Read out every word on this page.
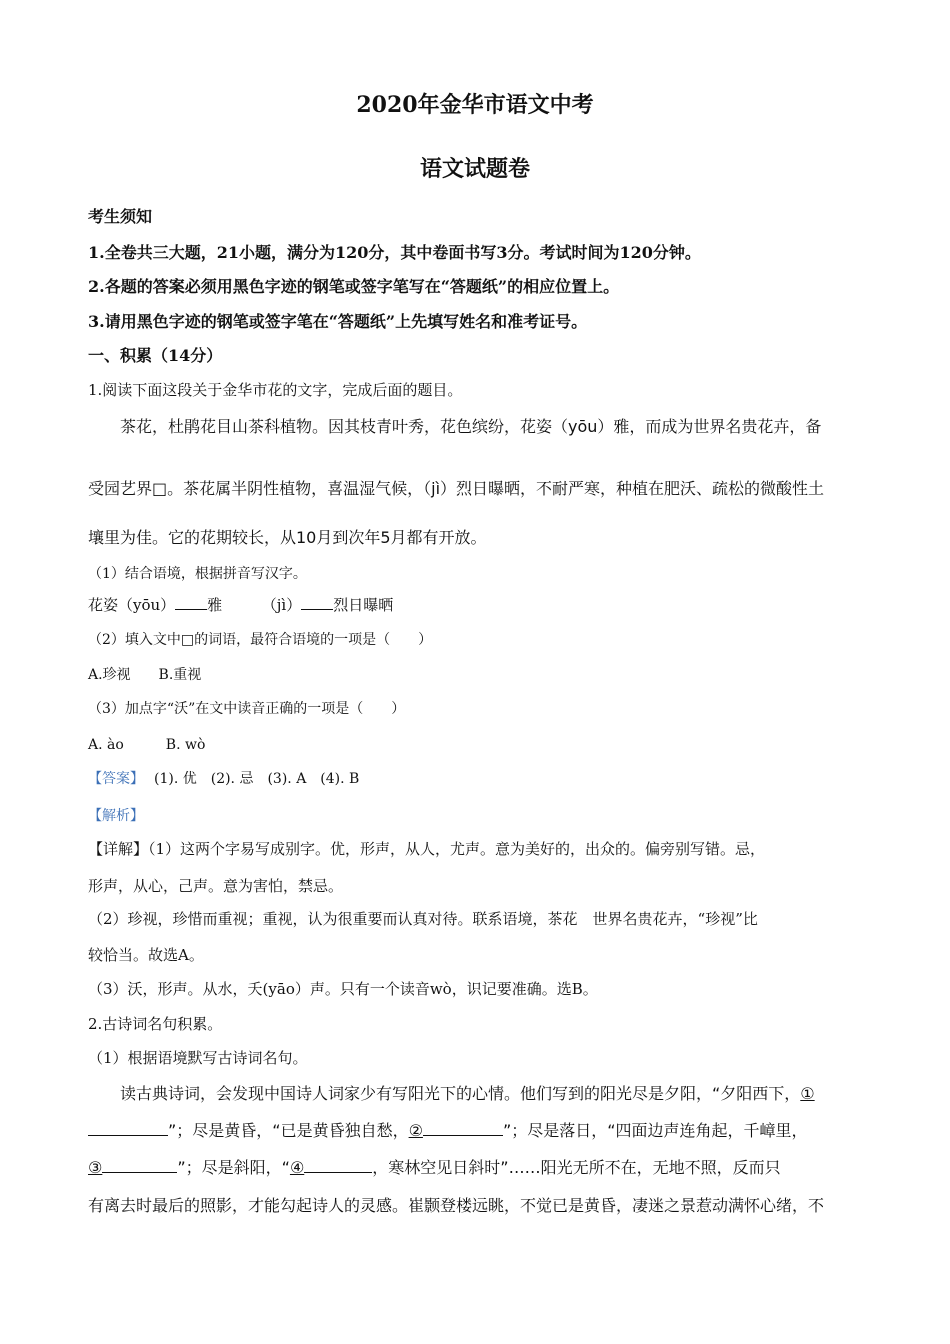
2020年金华市语文中考
语文试题卷
考生须知
1.全卷共三大题，21小题，满分为120分，其中卷面书写3分。考试时间为120分钟。
2.各题的答案必须用黑色字迹的钢笔或签字笔写在“答题纸”的相应位置上。
3.请用黑色字迹的钢笔或签字笔在“答题纸”上先填写姓名和准考证号。
一、积累（14分）
1.阅读下面这段关于金华市花的文字，完成后面的题目。
茶花，杜鹃花目山茶科植物。因其枝青叶秀，花色缤纷，花姿（yōu）雅，而成为世界名贵花卉，备
受园艺界□。茶花属半阴性植物，喜温湿气候，（jì）烈日曝晒，不耐严寒，种植在肥沃、疏松的微酸性土
壤里为佳。它的花期较长，从10月到次年5月都有开放。
（1）结合语境，根据拼音写汉字。
花姿（yōu） 雅	（jì） 烈日曝晒
（2）填入文中□的词语，最符合语境的一项是（　　）
A.珍视　　B.重视
（3）加点字“沃”在文中读音正确的一项是（　　）
A. ào　　　B. wò
【答案】 (1). 优　(2). 忌　(3). A　(4). B
【解析】
【详解】（1）这两个字易写成别字。优，形声，从人，尤声。意为美好的，出众的。偏旁别写错。忌，
形声，从心，己声。意为害怕，禁忌。
（2）珍视，珍惜而重视；重视，认为很重要而认真对待。联系语境，茶花　世界名贵花卉，“珍视”比
较恰当。故选A。
（3）沃，形声。从水，夭(yāo）声。只有一个读音wò，识记要准确。选B。
2.古诗词名句积累。
（1）根据语境默写古诗词名句。
读古典诗词，会发现中国诗人词家少有写阳光下的心情。他们写到的阳光尽是夕阳，“夕阳西下，①
”；尽是黄昏，“已是黄昏独自愁，②	”；尽是落日，“四面边声连角起，千嶂里，
③	”；尽是斜阳，“④	，寒林空见日斜时”……阳光无所不在，无地不照，反而只
有离去时最后的照影，才能勾起诗人的灵感。崔颢登楼远眺，不觉已是黄昏，凄迷之景惹动满怀心绪，不
